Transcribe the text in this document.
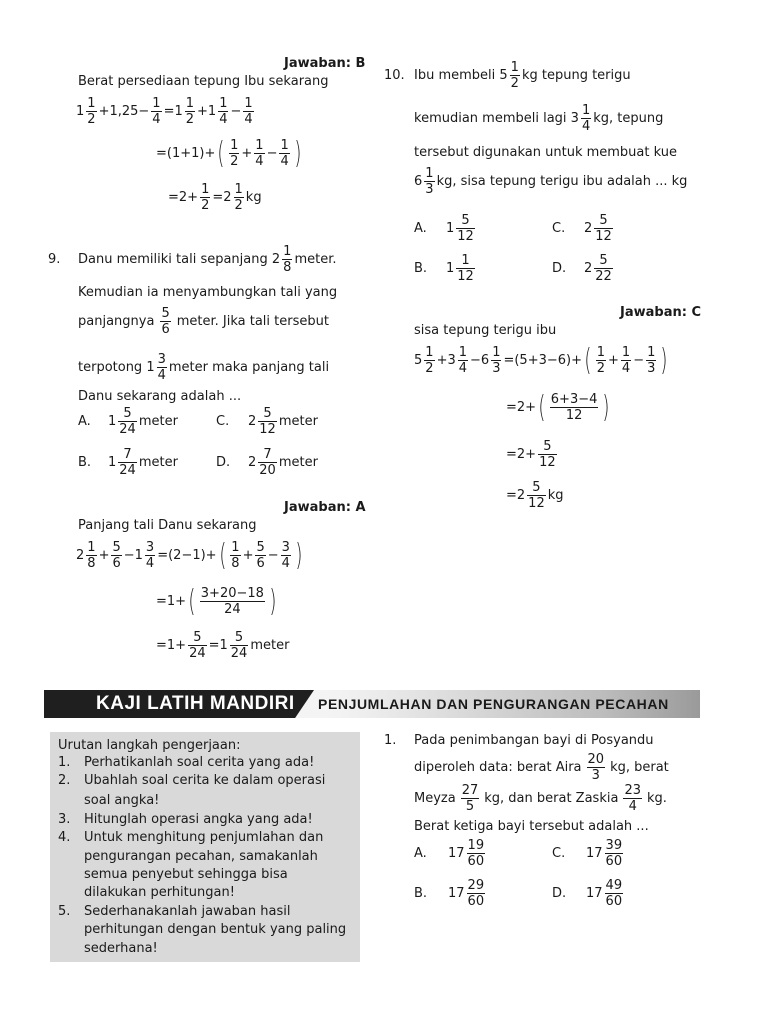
Jawaban: B
Berat persediaan tepung Ibu sekarang
$1 \frac{1}{2} +1,25- \frac{1}{4} =1 \frac{1}{2} +1 \frac{1}{4} - \frac{1}{4}$
=(1+1)+ ( $\frac{1}{2} + \frac{1}{4} - \frac{1}{4}$ )
$=2+ \frac{1}{2} =2 \frac{1}{2}$ kg
9. Danu memiliki tali sepanjang $2 \frac{1}{8}$ meter.
Kemudian ia menyambungkan tali yang
panjangnya $\frac{5}{6}$ meter. Jika tali tersebut
terpotong $1 \frac{3}{4}$ meter maka panjang tali
Danu sekarang adalah ...
A.	$1 \frac{5}{24}$ meter	C.	$2 \frac{5}{12}$ meter
B.	$1 \frac{7}{24}$ meter	D.	$2 \frac{7}{20}$ meter
Jawaban: A
Panjang tali Danu sekarang
$2 \frac{1}{8} + \frac{5}{6} -1 \frac{3}{4} =(2-1)+$ ( $\frac{1}{8} + \frac{5}{6} - \frac{3}{4}$ )
=1+ ( $\frac{3+20-18}{24}$ )
$=1+ \frac{5}{24} =1 \frac{5}{24}$ meter
10. Ibu membeli $5 \frac{1}{2}$ kg tepung terigu
kemudian membeli lagi $3 \frac{1}{4}$ kg, tepung
tersebut digunakan untuk membuat kue
$6 \frac{1}{3}$ kg, sisa tepung terigu ibu adalah ... kg
A.	$1 \frac{5}{12}$	C.	$2 \frac{5}{12}$
B.	$1 \frac{1}{12}$	D.	$2 \frac{5}{22}$
Jawaban: C
sisa tepung terigu ibu
$5 \frac{1}{2} +3 \frac{1}{4} -6 \frac{1}{3} =(5+3-6)+$ ( $\frac{1}{2} + \frac{1}{4} - \frac{1}{3}$ )
=2+ ( $\frac{6+3-4}{12}$ )
$=2+ \frac{5}{12}$
$=2 \frac{5}{12}$ kg
KAJI LATIH MANDIRI PENJUMLAHAN DAN PENGURANGAN PECAHAN
Urutan langkah pengerjaan:
1. Perhatikanlah soal cerita yang ada!
2. Ubahlah soal cerita ke dalam operasi
soal angka!
3. Hitunglah operasi angka yang ada!
4. Untuk menghitung penjumlahan dan
pengurangan pecahan, samakanlah
semua penyebut sehingga bisa
dilakukan perhitungan!
5. Sederhanakanlah jawaban hasil
perhitungan dengan bentuk yang paling
sederhana!
1. Pada penimbangan bayi di Posyandu
diperoleh data: berat Aira $\frac{20}{3}$ kg, berat
Meyza $\frac{27}{5}$ kg, dan berat Zaskia $\frac{23}{4}$ kg.
Berat ketiga bayi tersebut adalah ...
A.	$17 \frac{19}{60}$	C.	$17 \frac{39}{60}$
B.	$17 \frac{29}{60}$	D.	$17 \frac{49}{60}$
